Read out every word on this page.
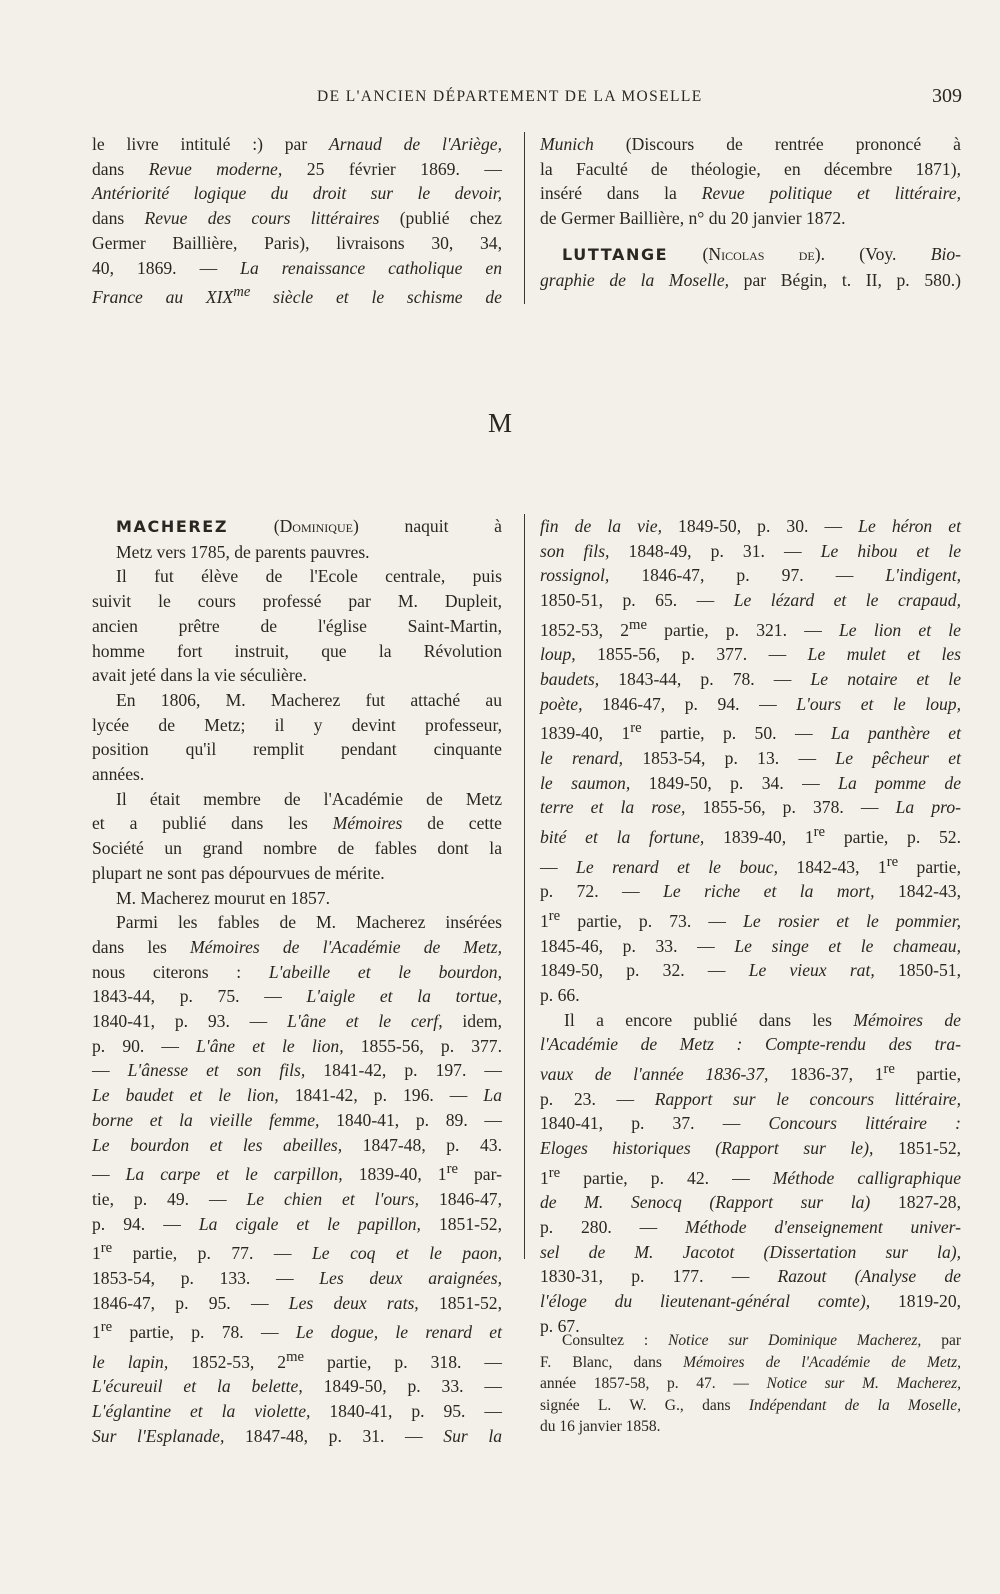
DE L'ANCIEN DÉPARTEMENT DE LA MOSELLE	309
le livre intitulé :) par Arnaud de l'Ariège,
dans Revue moderne, 25 février 1869. —
Antériorité logique du droit sur le devoir,
dans Revue des cours littéraires (publié chez
Germer Baillière, Paris), livraisons 30, 34,
40, 1869. — La renaissance catholique en
France au $XIX^{me}$ siècle et le schisme de
Munich (Discours de rentrée prononcé à
la Faculté de théologie, en décembre 1871),
inséré dans la Revue politique et littéraire,
de Germer Baillière, n° du 20 janvier 1872.
LUTTANGE (Nicolas de). (Voy. Bio-
graphie de la Moselle, par Bégin, t. II, p. 580.)
M
MACHEREZ (Dominique) naquit à
Metz vers 1785, de parents pauvres.
Il fut élève de l'Ecole centrale, puis
suivit le cours professé par M. Dupleit,
ancien prêtre de l'église Saint-Martin,
homme fort instruit, que la Révolution
avait jeté dans la vie séculière.
En 1806, M. Macherez fut attaché au
lycée de Metz; il y devint professeur,
position qu'il remplit pendant cinquante
années.
Il était membre de l'Académie de Metz
et a publié dans les Mémoires de cette
Société un grand nombre de fables dont la
plupart ne sont pas dépourvues de mérite.
M. Macherez mourut en 1857.
Parmi les fables de M. Macherez insérées
dans les Mémoires de l'Académie de Metz,
nous citerons : L'abeille et le bourdon,
1843-44, p. 75. — L'aigle et la tortue,
1840-41, p. 93. — L'âne et le cerf, idem,
p. 90. — L'âne et le lion, 1855-56, p. 377.
— L'ânesse et son fils, 1841-42, p. 197. —
Le baudet et le lion, 1841-42, p. 196. — La
borne et la vieille femme, 1840-41, p. 89. —
Le bourdon et les abeilles, 1847-48, p. 43.
— La carpe et le carpillon, 1839-40, 1re par-
tie, p. 49. — Le chien et l'ours, 1846-47,
p. 94. — La cigale et le papillon, 1851-52,
1re partie, p. 77. — Le coq et le paon,
1853-54, p. 133. — Les deux araignées,
1846-47, p. 95. — Les deux rats, 1851-52,
1re partie, p. 78. — Le dogue, le renard et
le lapin, 1852-53, $2^{me}$ partie, p. 318. —
L'écureuil et la belette, 1849-50, p. 33. —
L'églantine et la violette, 1840-41, p. 95. —
Sur l'Esplanade, 1847-48, p. 31. — Sur la
fin de la vie, 1849-50, p. 30. — Le héron et
son fils, 1848-49, p. 31. — Le hibou et le
rossignol, 1846-47, p. 97. — L'indigent,
1850-51, p. 65. — Le lézard et le crapaud,
1852-53, $2^{me}$ partie, p. 321. — Le lion et le
loup, 1855-56, p. 377. — Le mulet et les
baudets, 1843-44, p. 78. — Le notaire et le
poète, 1846-47, p. 94. — L'ours et le loup,
1839-40, 1re partie, p. 50. — La panthère et
le renard, 1853-54, p. 13. — Le pêcheur et
le saumon, 1849-50, p. 34. — La pomme de
terre et la rose, 1855-56, p. 378. — La pro-
bité et la fortune, 1839-40, 1re partie, p. 52.
— Le renard et le bouc, 1842-43, 1re partie,
p. 72. — Le riche et la mort, 1842-43,
1re partie, p. 73. — Le rosier et le pommier,
1845-46, p. 33. — Le singe et le chameau,
1849-50, p. 32. — Le vieux rat, 1850-51,
p. 66.
Il a encore publié dans les Mémoires de
l'Académie de Metz : Compte-rendu des tra-
vaux de l'année 1836-37, 1836-37, 1re partie,
p. 23. — Rapport sur le concours littéraire,
1840-41, p. 37. — Concours littéraire :
Eloges historiques (Rapport sur le), 1851-52,
1re partie, p. 42. — Méthode calligraphique
de M. Senocq (Rapport sur la) 1827-28,
p. 280. — Méthode d'enseignement univer-
sel de M. Jacotot (Dissertation sur la),
1830-31, p. 177. — Razout (Analyse de
l'éloge du lieutenant-général comte), 1819-20,
p. 67.
Consultez : Notice sur Dominique Macherez, par
F. Blanc, dans Mémoires de l'Académie de Metz,
année 1857-58, p. 47. — Notice sur M. Macherez,
signée L. W. G., dans Indépendant de la Moselle,
du 16 janvier 1858.
